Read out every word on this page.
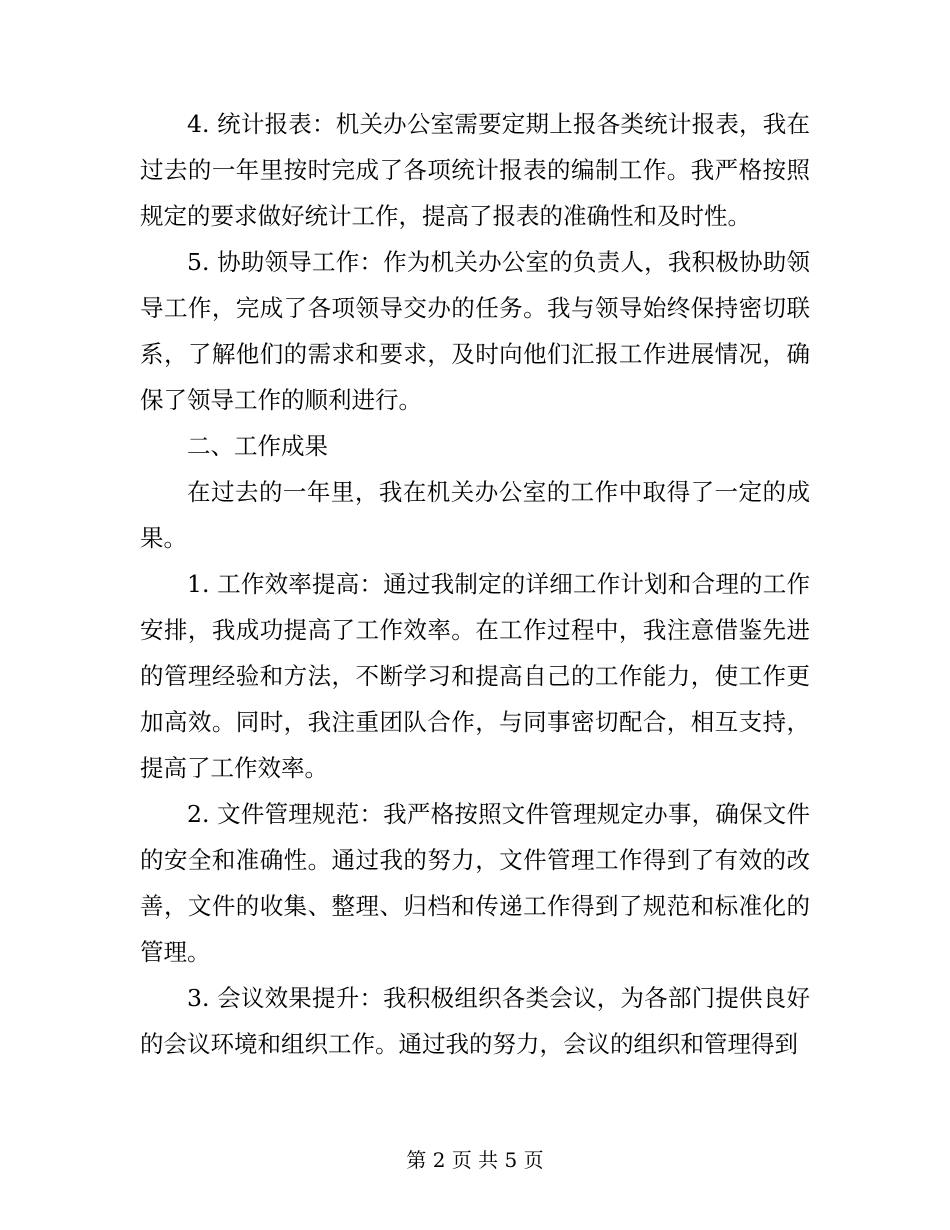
4. 统计报表：机关办公室需要定期上报各类统计报表，我在过去的一年里按时完成了各项统计报表的编制工作。我严格按照规定的要求做好统计工作，提高了报表的准确性和及时性。

5. 协助领导工作：作为机关办公室的负责人，我积极协助领导工作，完成了各项领导交办的任务。我与领导始终保持密切联系，了解他们的需求和要求，及时向他们汇报工作进展情况，确保了领导工作的顺利进行。

二、工作成果

在过去的一年里，我在机关办公室的工作中取得了一定的成果。

1. 工作效率提高：通过我制定的详细工作计划和合理的工作安排，我成功提高了工作效率。在工作过程中，我注意借鉴先进的管理经验和方法，不断学习和提高自己的工作能力，使工作更加高效。同时，我注重团队合作，与同事密切配合，相互支持，提高了工作效率。

2. 文件管理规范：我严格按照文件管理规定办事，确保文件的安全和准确性。通过我的努力，文件管理工作得到了有效的改善，文件的收集、整理、归档和传递工作得到了规范和标准化的管理。

3. 会议效果提升：我积极组织各类会议，为各部门提供良好的会议环境和组织工作。通过我的努力，会议的组织和管理得到

第 2 页 共 5 页
